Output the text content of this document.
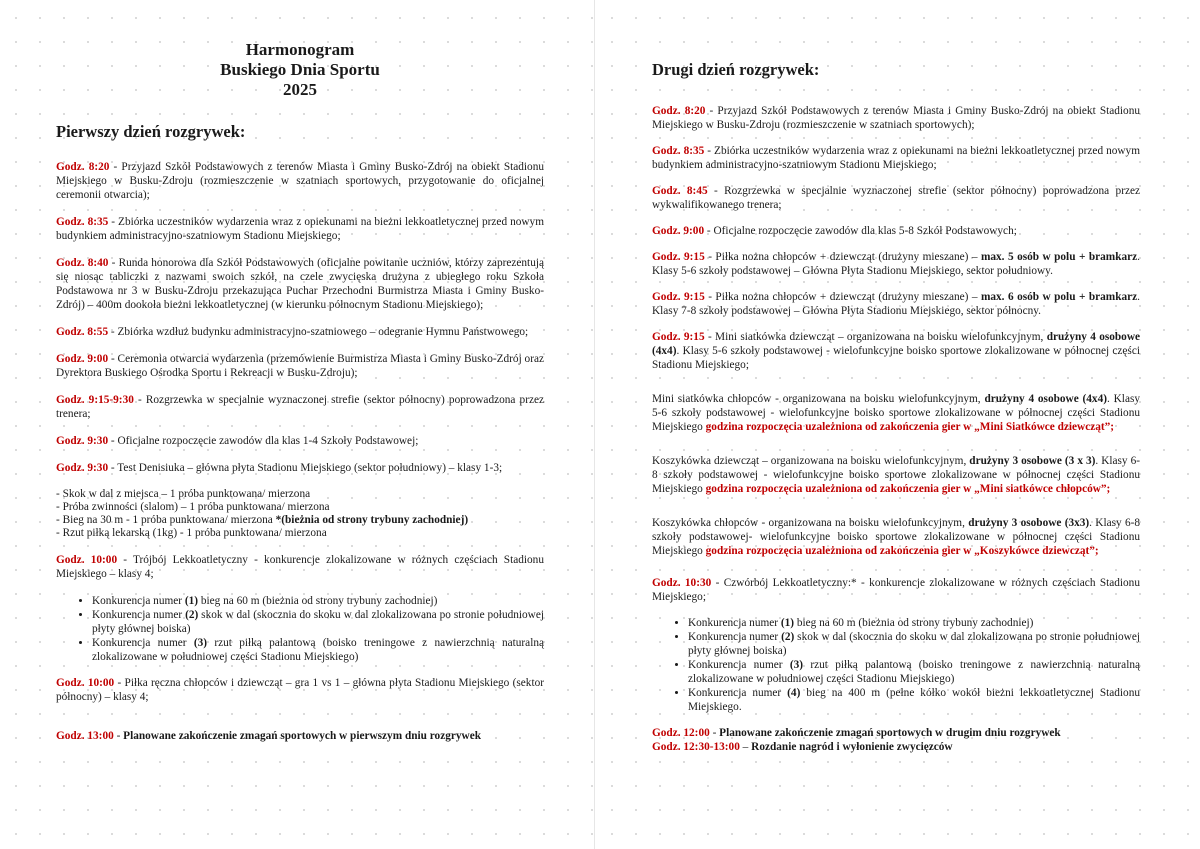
Harmonogram
Buskiego Dnia Sportu
2025
Pierwszy dzień rozgrywek:

Godz. 8:20 - Przyjazd Szkół Podstawowych z terenów Miasta i Gminy Busko-Zdrój na obiekt Stadionu Miejskiego w Busku-Zdroju (rozmieszczenie w szatniach sportowych, przygotowanie do oficjalnej ceremonii otwarcia);

Godz. 8:35 - Zbiórka uczestników wydarzenia wraz z opiekunami na bieżni lekkoatletycznej przed nowym budynkiem administracyjno-szatniowym Stadionu Miejskiego;

Godz. 8:40 - Runda honorowa dla Szkół Podstawowych (oficjalne powitanie uczniów, którzy zaprezentują się niosąc tabliczki z nazwami swoich szkół, na czele zwycięska drużyna z ubiegłego roku Szkoła Podstawowa nr 3 w Busku-Zdroju przekazująca Puchar Przechodni Burmistrza Miasta i Gminy Busko-Zdrój) – 400m dookoła bieżni lekkoatletycznej (w kierunku północnym Stadionu Miejskiego);

Godz. 8:55 - Zbiórka wzdłuż budynku administracyjno-szatniowego – odegranie Hymnu Państwowego;

Godz. 9:00 - Ceremonia otwarcia wydarzenia (przemówienie Burmistrza Miasta i Gminy Busko-Zdrój oraz Dyrektora Buskiego Ośrodka Sportu i Rekreacji w Busku-Zdroju);

Godz. 9:15-9:30 - Rozgrzewka w specjalnie wyznaczonej strefie (sektor północny) poprowadzona przez trenera;

Godz. 9:30 - Oficjalne rozpoczęcie zawodów dla klas 1-4 Szkoły Podstawowej;

Godz. 9:30 - Test Denisiuka – główna płyta Stadionu Miejskiego (sektor południowy) – klasy 1-3;

- Skok w dal z miejsca – 1 próba punktowana/ mierzona
- Próba zwinności (slalom) – 1 próba punktowana/ mierzona
- Bieg na 30 m - 1 próba punktowana/ mierzona *(bieżnia od strony trybuny zachodniej)
- Rzut piłką lekarską (1kg) - 1 próba punktowana/ mierzona

Godz. 10:00 - Trójbój Lekkoatletyczny - konkurencje zlokalizowane w różnych częściach Stadionu Miejskiego – klasy 4;

• Konkurencja numer (1) bieg na 60 m (bieżnia od strony trybuny zachodniej)
• Konkurencja numer (2) skok w dal (skocznia do skoku w dal zlokalizowana po stronie południowej płyty głównej boiska)
• Konkurencja numer (3) rzut piłką palantową (boisko treningowe z nawierzchnią naturalną zlokalizowane w południowej części Stadionu Miejskiego)

Godz. 10:00 - Piłka ręczna chłopców i dziewcząt – gra 1 vs 1 – główna płyta Stadionu Miejskiego (sektor północny) – klasy 4;

Godz. 13:00 - Planowane zakończenie zmagań sportowych w pierwszym dniu rozgrywek

Drugi dzień rozgrywek:

Godz. 8:20 - Przyjazd Szkół Podstawowych z terenów Miasta i Gminy Busko-Zdrój na obiekt Stadionu Miejskiego w Busku-Zdroju (rozmieszczenie w szatniach sportowych);

Godz. 8:35 - Zbiórka uczestników wydarzenia wraz z opiekunami na bieżni lekkoatletycznej przed nowym budynkiem administracyjno-szatniowym Stadionu Miejskiego;

Godz. 8:45 - Rozgrzewka w specjalnie wyznaczonej strefie (sektor północny) poprowadzona przez wykwalifikowanego trenera;

Godz. 9:00 - Oficjalne rozpoczęcie zawodów dla klas 5-8 Szkół Podstawowych;

Godz. 9:15 - Piłka nożna chłopców + dziewcząt (drużyny mieszane) – max. 5 osób w polu + bramkarz. Klasy 5-6 szkoły podstawowej – Główna Płyta Stadionu Miejskiego, sektor południowy.

Godz. 9:15 - Piłka nożna chłopców + dziewcząt (drużyny mieszane) – max. 6 osób w polu + bramkarz. Klasy 7-8 szkoły podstawowej – Główna Płyta Stadionu Miejskiego, sektor północny.

Godz. 9:15 - Mini siatkówka dziewcząt – organizowana na boisku wielofunkcyjnym, drużyny 4 osobowe (4x4). Klasy 5-6 szkoły podstawowej - wielofunkcyjne boisko sportowe zlokalizowane w północnej części Stadionu Miejskiego;

Mini siatkówka chłopców - organizowana na boisku wielofunkcyjnym, drużyny 4 osobowe (4x4). Klasy 5-6 szkoły podstawowej - wielofunkcyjne boisko sportowe zlokalizowane w północnej części Stadionu Miejskiego godzina rozpoczęcia uzależniona od zakończenia gier w „Mini Siatkówce dziewcząt”;

Koszykówka dziewcząt – organizowana na boisku wielofunkcyjnym, drużyny 3 osobowe (3 x 3). Klasy 6-8 szkoły podstawowej - wielofunkcyjne boisko sportowe zlokalizowane w północnej części Stadionu Miejskiego godzina rozpoczęcia uzależniona od zakończenia gier w „Mini siatkówce chłopców”;

Koszykówka chłopców - organizowana na boisku wielofunkcyjnym, drużyny 3 osobowe (3x3). Klasy 6-8 szkoły podstawowej- wielofunkcyjne boisko sportowe zlokalizowane w północnej części Stadionu Miejskiego godzina rozpoczęcia uzależniona od zakończenia gier w „Koszykówce dziewcząt”;

Godz. 10:30 - Czwórbój Lekkoatletyczny:* - konkurencje zlokalizowane w różnych częściach Stadionu Miejskiego;

• Konkurencja numer (1) bieg na 60 m (bieżnia od strony trybuny zachodniej)
• Konkurencja numer (2) skok w dal (skocznia do skoku w dal zlokalizowana po stronie południowej płyty głównej boiska)
• Konkurencja numer (3) rzut piłką palantową (boisko treningowe z nawierzchnią naturalną zlokalizowane w południowej części Stadionu Miejskiego)
• Konkurencja numer (4) bieg na 400 m (pełne kółko wokół bieżni lekkoatletycznej Stadionu Miejskiego.

Godz. 12:00 - Planowane zakończenie zmagań sportowych w drugim dniu rozgrywek

Godz. 12:30-13:00 – Rozdanie nagród i wyłonienie zwycięzców
